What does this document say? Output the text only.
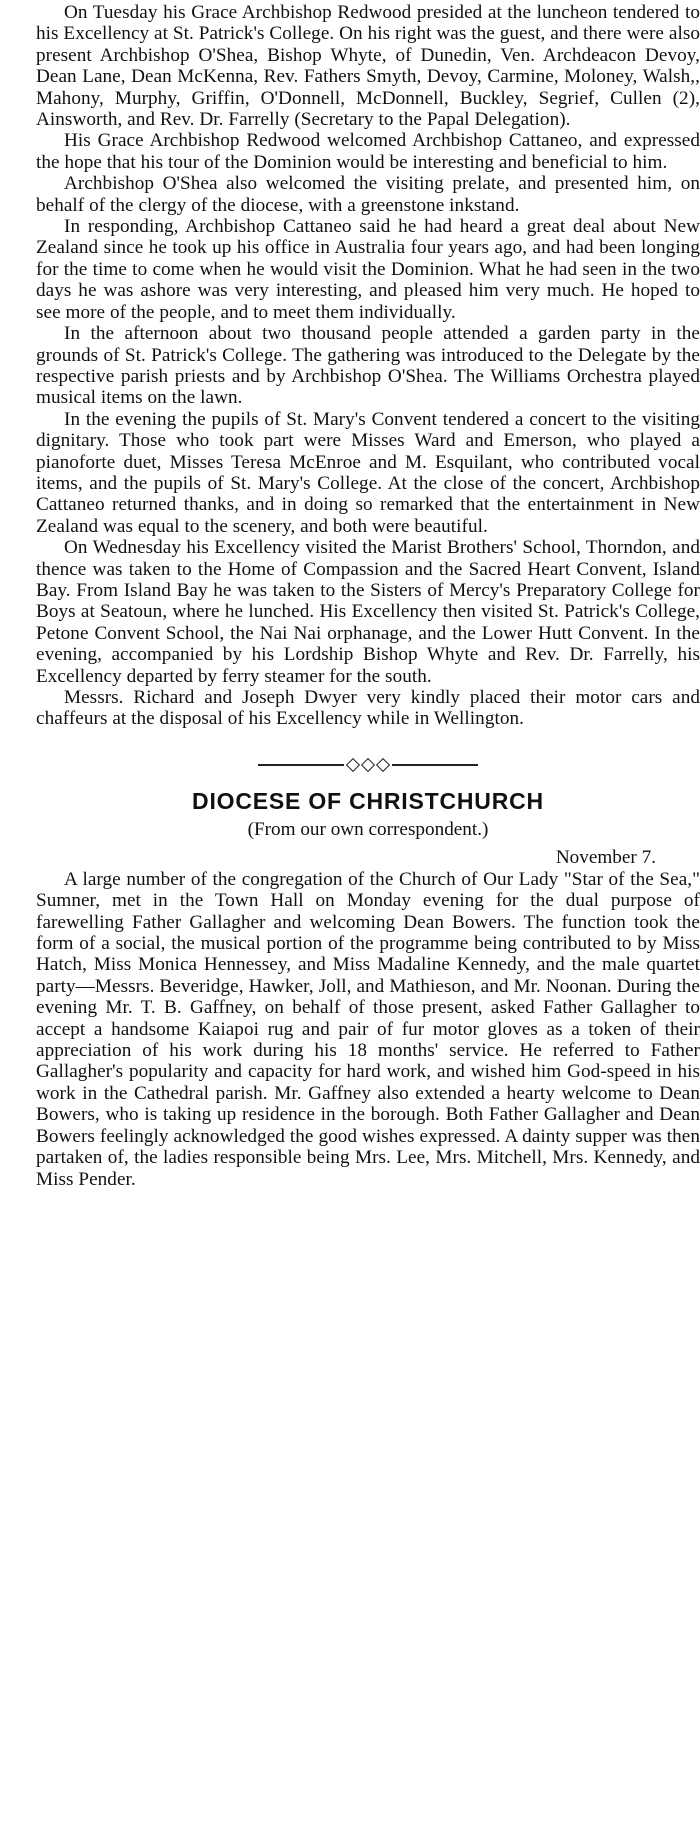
On Tuesday his Grace Archbishop Redwood presided at the luncheon tendered to his Excellency at St. Patrick's College. On his right was the guest, and there were also present Archbishop O'Shea, Bishop Whyte, of Dunedin, Ven. Archdeacon Devoy, Dean Lane, Dean McKenna, Rev. Fathers Smyth, Devoy, Carmine, Moloney, Walsh,, Mahony, Murphy, Griffin, O'Donnell, McDonnell, Buckley, Segrief, Cullen (2), Ainsworth, and Rev. Dr. Farrelly (Secretary to the Papal Delegation).

His Grace Archbishop Redwood welcomed Archbishop Cattaneo, and expressed the hope that his tour of the Dominion would be interesting and beneficial to him.

Archbishop O'Shea also welcomed the visiting prelate, and presented him, on behalf of the clergy of the diocese, with a greenstone inkstand.

In responding, Archbishop Cattaneo said he had heard a great deal about New Zealand since he took up his office in Australia four years ago, and had been longing for the time to come when he would visit the Dominion. What he had seen in the two days he was ashore was very interesting, and pleased him very much. He hoped to see more of the people, and to meet them individually.

In the afternoon about two thousand people attended a garden party in the grounds of St. Patrick's College. The gathering was introduced to the Delegate by the respective parish priests and by Archbishop O'Shea. The Williams Orchestra played musical items on the lawn.

In the evening the pupils of St. Mary's Convent tendered a concert to the visiting dignitary. Those who took part were Misses Ward and Emerson, who played a pianoforte duet, Misses Teresa McEnroe and M. Esquilant, who contributed vocal items, and the pupils of St. Mary's College. At the close of the concert, Archbishop Cattaneo returned thanks, and in doing so remarked that the entertainment in New Zealand was equal to the scenery, and both were beautiful.

On Wednesday his Excellency visited the Marist Brothers' School, Thorndon, and thence was taken to the Home of Compassion and the Sacred Heart Convent, Island Bay. From Island Bay he was taken to the Sisters of Mercy's Preparatory College for Boys at Seatoun, where he lunched. His Excellency then visited St. Patrick's College, Petone Convent School, the Nai Nai orphanage, and the Lower Hutt Convent. In the evening, accompanied by his Lordship Bishop Whyte and Rev. Dr. Farrelly, his Excellency departed by ferry steamer for the south.

Messrs. Richard and Joseph Dwyer very kindly placed their motor cars and chaffeurs at the disposal of his Excellency while in Wellington.

DIOCESE OF CHRISTCHURCH
(From our own correspondent.)
November 7.

A large number of the congregation of the Church of Our Lady "Star of the Sea," Sumner, met in the Town Hall on Monday evening for the dual purpose of farewelling Father Gallagher and welcoming Dean Bowers. The function took the form of a social, the musical portion of the programme being contributed to by Miss Hatch, Miss Monica Hennessey, and Miss Madaline Kennedy, and the male quartet party—Messrs. Beveridge, Hawker, Joll, and Mathieson, and Mr. Noonan. During the evening Mr. T. B. Gaffney, on behalf of those present, asked Father Gallagher to accept a handsome Kaiapoi rug and pair of fur motor gloves as a token of their appreciation of his work during his 18 months' service. He referred to Father Gallagher's popularity and capacity for hard work, and wished him God-speed in his work in the Cathedral parish. Mr. Gaffney also extended a hearty welcome to Dean Bowers, who is taking up residence in the borough. Both Father Gallagher and Dean Bowers feelingly acknowledged the good wishes expressed. A dainty supper was then partaken of, the ladies responsible being Mrs. Lee, Mrs. Mitchell, Mrs. Kennedy, and Miss Pender.
